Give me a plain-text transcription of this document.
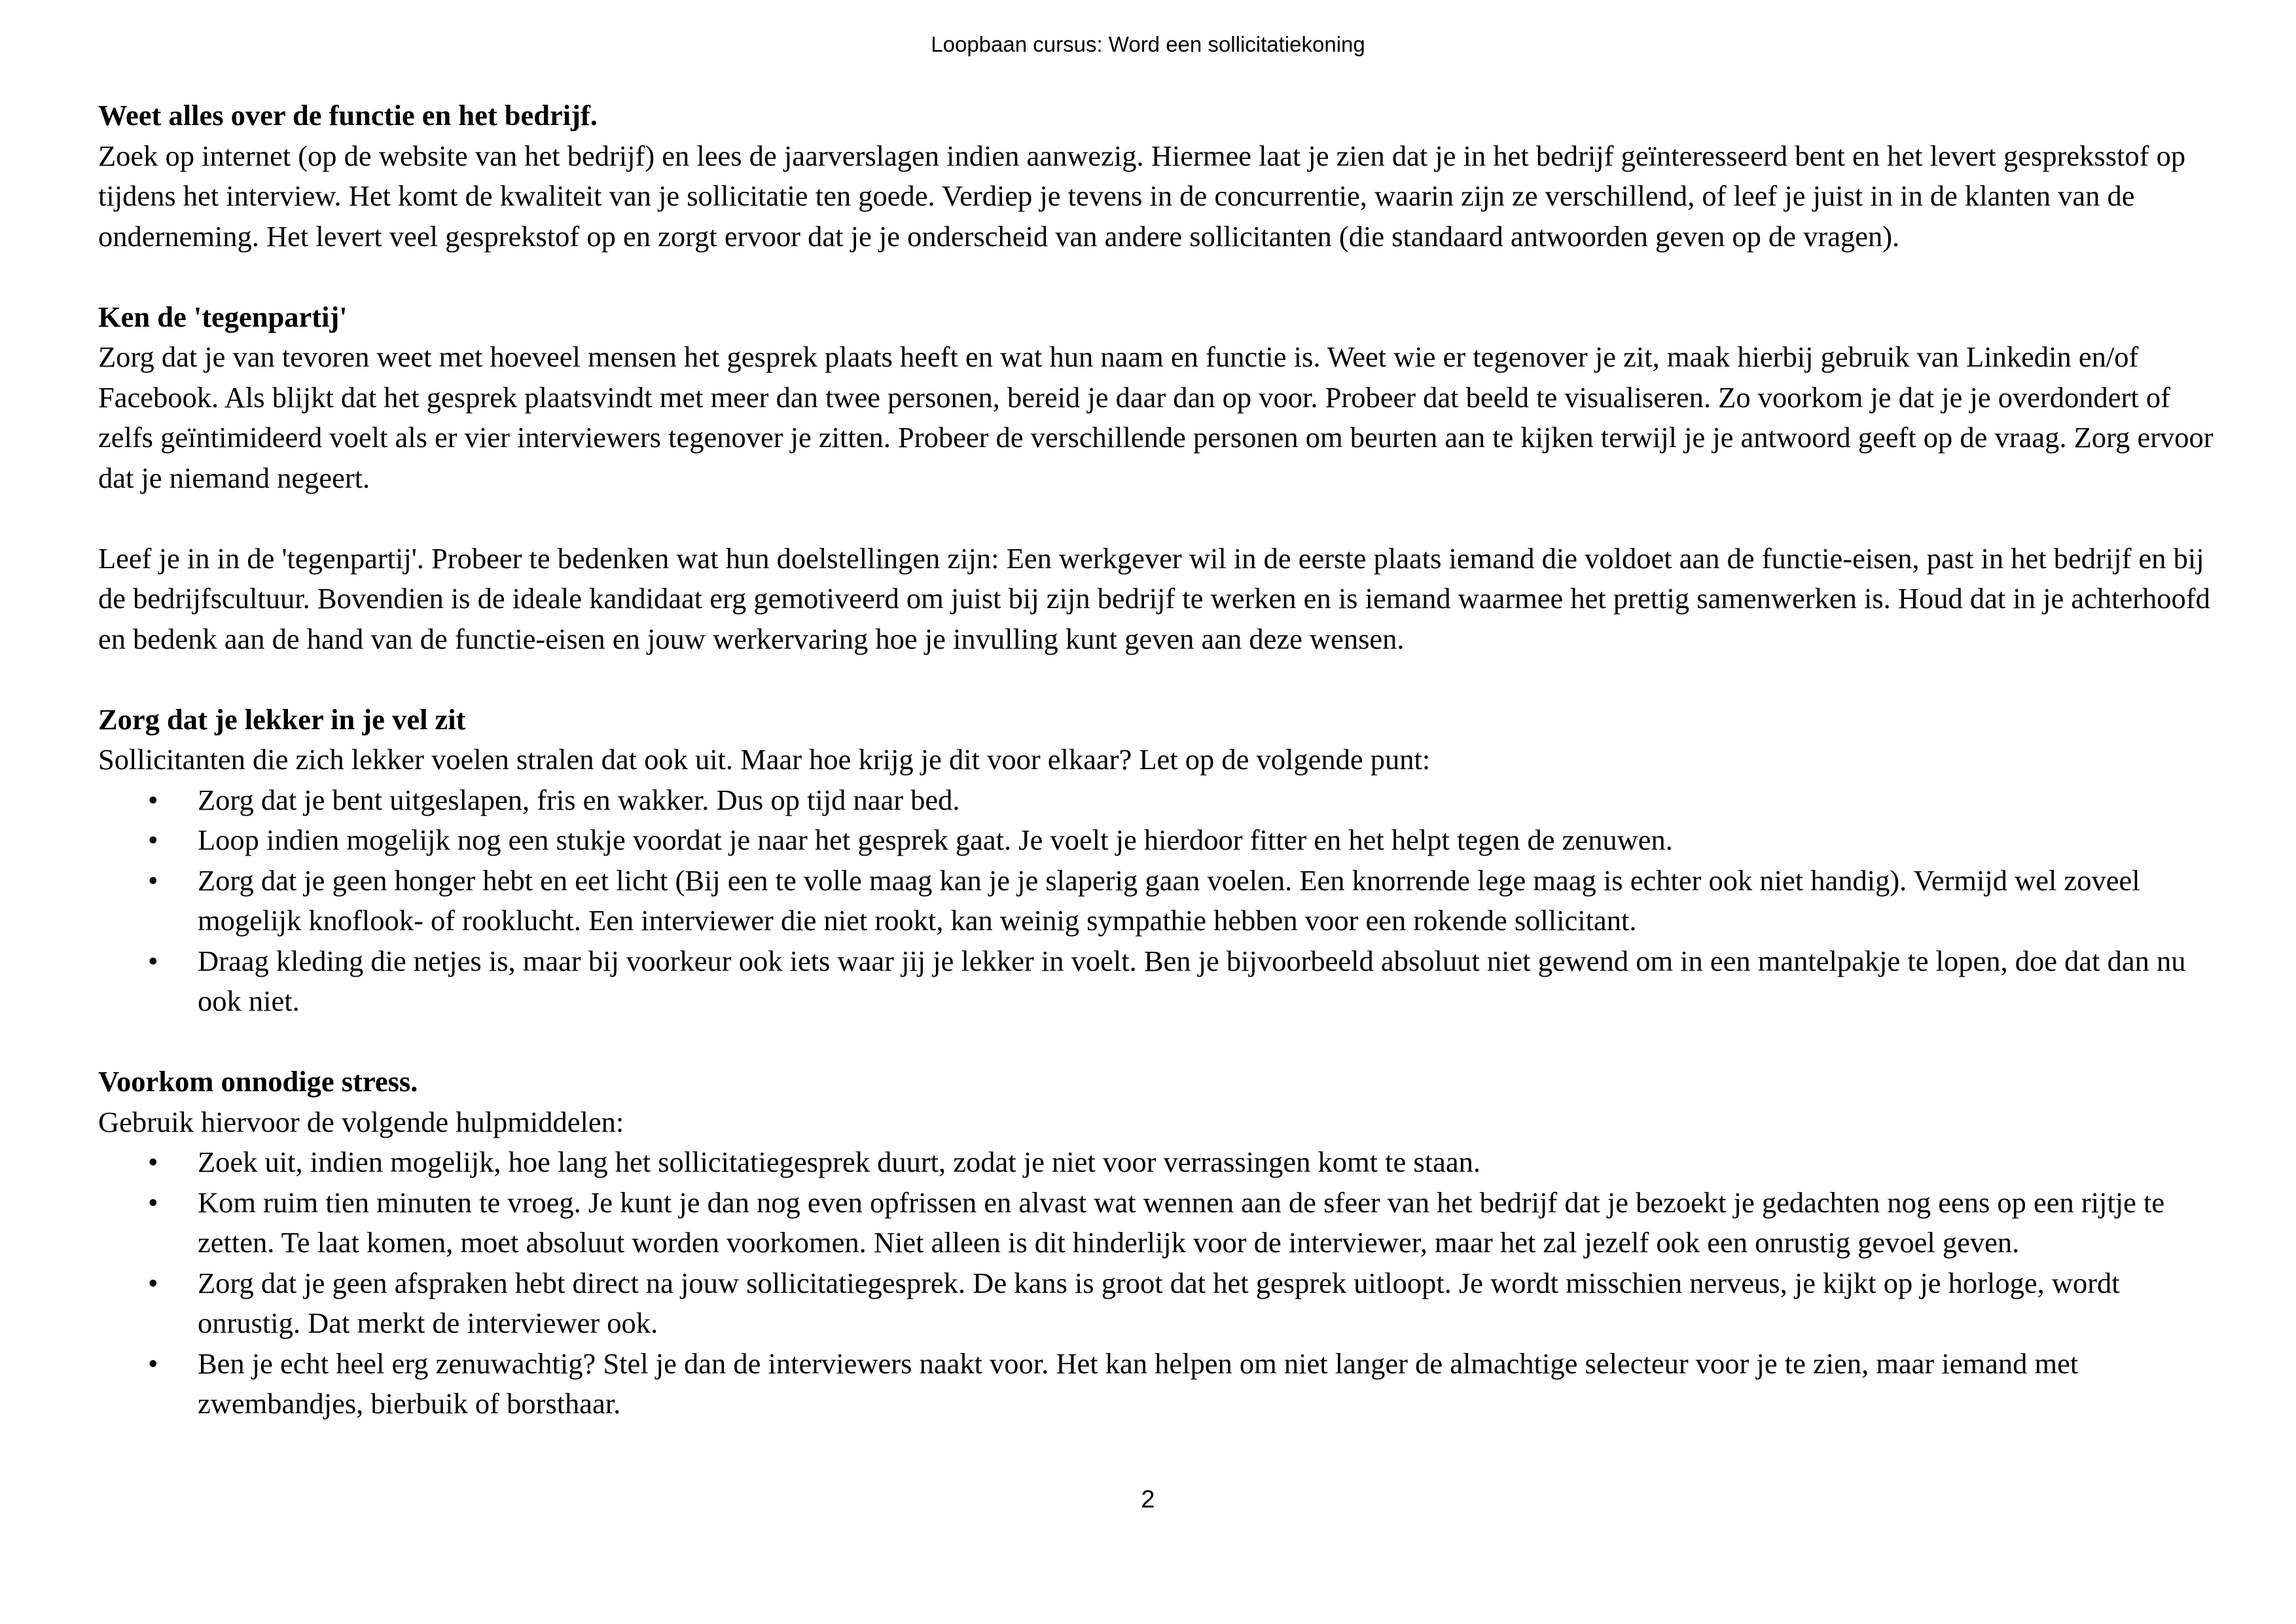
Loopbaan cursus: Word een sollicitatiekoning

Weet alles over de functie en het bedrijf.

Zoek op internet (op de website van het bedrijf) en lees de jaarverslagen indien aanwezig. Hiermee laat je zien dat je in het bedrijf geïnteresseerd bent en het levert gespreksstof op tijdens het interview. Het komt de kwaliteit van je sollicitatie ten goede. Verdiep je tevens in de concurrentie, waarin zijn ze verschillend, of leef je juist in in de klanten van de onderneming. Het levert veel gesprekstof op en zorgt ervoor dat je je onderscheid van andere sollicitanten (die standaard antwoorden geven op de vragen).

Ken de 'tegenpartij'

Zorg dat je van tevoren weet met hoeveel mensen het gesprek plaats heeft en wat hun naam en functie is. Weet wie er tegenover je zit, maak hierbij gebruik van Linkedin en/of Facebook. Als blijkt dat het gesprek plaatsvindt met meer dan twee personen, bereid je daar dan op voor. Probeer dat beeld te visualiseren. Zo voorkom je dat je je overdondert of zelfs geïntimideerd voelt als er vier interviewers tegenover je zitten. Probeer de verschillende personen om beurten aan te kijken terwijl je je antwoord geeft op de vraag. Zorg ervoor dat je niemand negeert.

Leef je in in de 'tegenpartij'. Probeer te bedenken wat hun doelstellingen zijn: Een werkgever wil in de eerste plaats iemand die voldoet aan de functie-eisen, past in het bedrijf en bij de bedrijfscultuur. Bovendien is de ideale kandidaat erg gemotiveerd om juist bij zijn bedrijf te werken en is iemand waarmee het prettig samenwerken is. Houd dat in je achterhoofd en bedenk aan de hand van de functie-eisen en jouw werkervaring hoe je invulling kunt geven aan deze wensen.

Zorg dat je lekker in je vel zit

Sollicitanten die zich lekker voelen stralen dat ook uit. Maar hoe krijg je dit voor elkaar? Let op de volgende punt:

•	Zorg dat je bent uitgeslapen, fris en wakker. Dus op tijd naar bed.
•	Loop indien mogelijk nog een stukje voordat je naar het gesprek gaat. Je voelt je hierdoor fitter en het helpt tegen de zenuwen.
•	Zorg dat je geen honger hebt en eet licht (Bij een te volle maag kan je je slaperig gaan voelen. Een knorrende lege maag is echter ook niet handig). Vermijd wel zoveel mogelijk knoflook- of rooklucht. Een interviewer die niet rookt, kan weinig sympathie hebben voor een rokende sollicitant.
•	Draag kleding die netjes is, maar bij voorkeur ook iets waar jij je lekker in voelt. Ben je bijvoorbeeld absoluut niet gewend om in een mantelpakje te lopen, doe dat dan nu ook niet.

Voorkom onnodige stress.

Gebruik hiervoor de volgende hulpmiddelen:

•	Zoek uit, indien mogelijk, hoe lang het sollicitatiegesprek duurt, zodat je niet voor verrassingen komt te staan.
•	Kom ruim tien minuten te vroeg. Je kunt je dan nog even opfrissen en alvast wat wennen aan de sfeer van het bedrijf dat je bezoekt je gedachten nog eens op een rijtje te zetten. Te laat komen, moet absoluut worden voorkomen. Niet alleen is dit hinderlijk voor de interviewer, maar het zal jezelf ook een onrustig gevoel geven.
•	Zorg dat je geen afspraken hebt direct na jouw sollicitatiegesprek. De kans is groot dat het gesprek uitloopt. Je wordt misschien nerveus, je kijkt op je horloge, wordt onrustig. Dat merkt de interviewer ook.
•	Ben je echt heel erg zenuwachtig? Stel je dan de interviewers naakt voor. Het kan helpen om niet langer de almachtige selecteur voor je te zien, maar iemand met zwembandjes, bierbuik of borsthaar.
2
